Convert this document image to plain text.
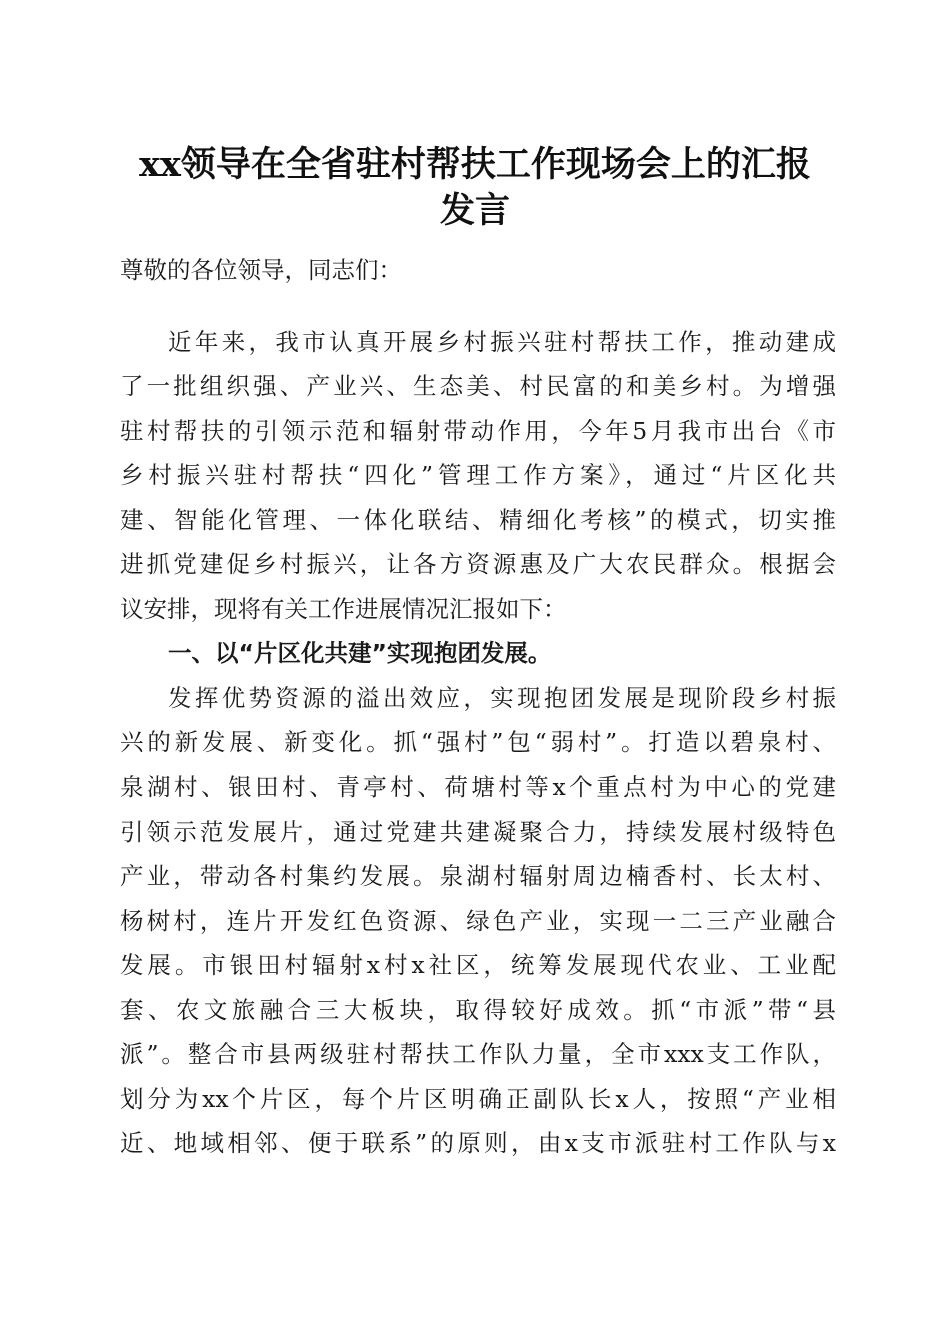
xx领导在全省驻村帮扶工作现场会上的汇报
发言

尊敬的各位领导，同志们：

近年来，我市认真开展乡村振兴驻村帮扶工作，推动建成

了一批组织强、产业兴、生态美、村民富的和美乡村。为增强

驻村帮扶的引领示范和辐射带动作用，今年5月我市出台《市

乡村振兴驻村帮扶“四化”管理工作方案》，通过“片区化共

建、智能化管理、一体化联结、精细化考核”的模式，切实推

进抓党建促乡村振兴，让各方资源惠及广大农民群众。根据会

议安排，现将有关工作进展情况汇报如下：

一、以“片区化共建”实现抱团发展。

发挥优势资源的溢出效应，实现抱团发展是现阶段乡村振

兴的新发展、新变化。抓“强村”包“弱村”。打造以碧泉村、

泉湖村、银田村、青亭村、荷塘村等x个重点村为中心的党建

引领示范发展片，通过党建共建凝聚合力，持续发展村级特色

产业，带动各村集约发展。泉湖村辐射周边楠香村、长太村、

杨树村，连片开发红色资源、绿色产业，实现一二三产业融合

发展。市银田村辐射x村x社区，统筹发展现代农业、工业配

套、农文旅融合三大板块，取得较好成效。抓“市派”带“县

派”。整合市县两级驻村帮扶工作队力量，全市xxx支工作队，

划分为xx个片区，每个片区明确正副队长x人，按照“产业相

近、地域相邻、便于联系”的原则，由x支市派驻村工作队与x
